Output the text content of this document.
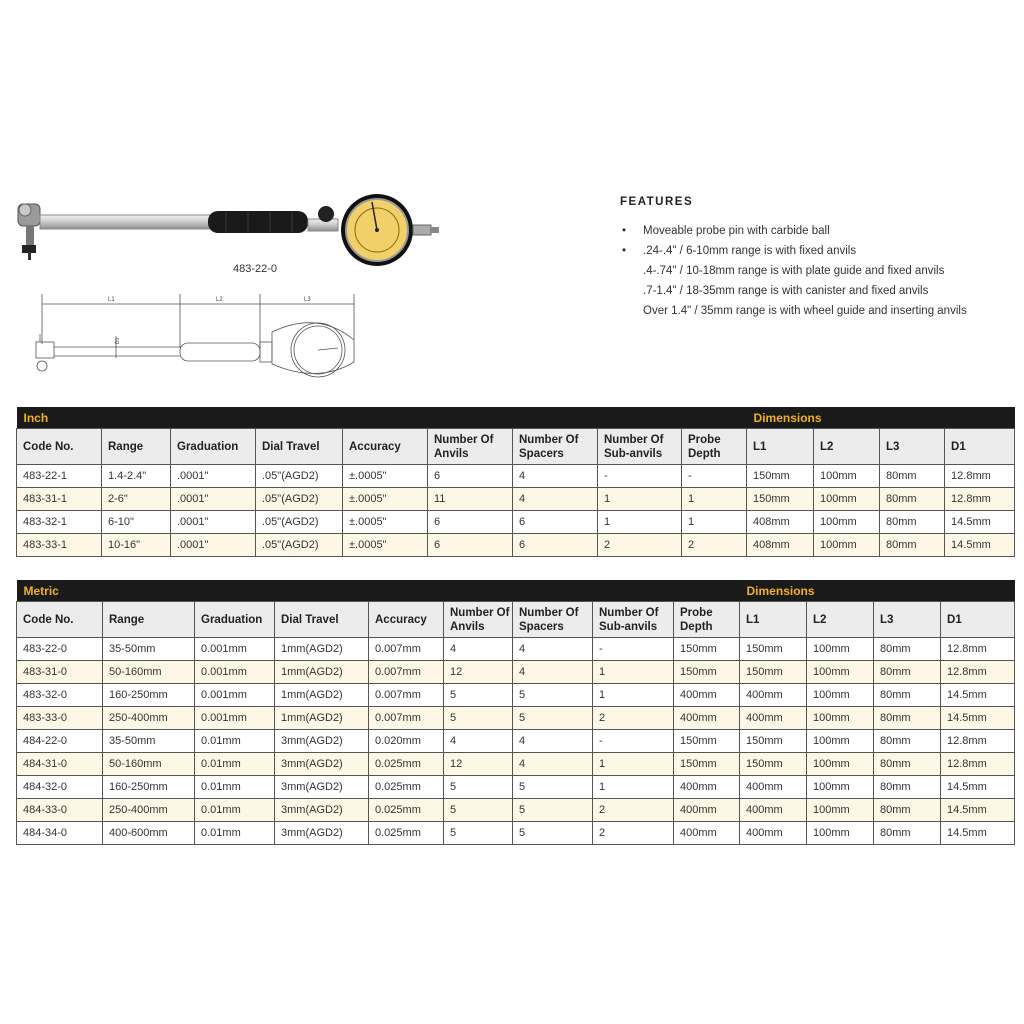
483-22-0
L1	L2	L3
D1
FEATURES
• Moveable probe pin with carbide ball
• .24-.4" / 6-10mm range is with fixed anvils
.4-.74" / 10-18mm range is with plate guide and fixed anvils
.7-1.4" / 18-35mm range is with canister and fixed anvils
Over 1.4" / 35mm range is with wheel guide and inserting anvils
Inch									Dimensions			
Code No.	Range	Graduation	Dial Travel	Accuracy	Number Of Anvils	Number Of Spacers	Number Of Sub-anvils	Probe Depth	L1	L2	L3	D1
483-22-1	1.4-2.4"	.0001"	.05"(AGD2)	±.0005"	6	4	-	-	150mm	100mm	80mm	12.8mm
483-31-1	2-6"	.0001"	.05"(AGD2)	±.0005"	11	4	1	1	150mm	100mm	80mm	12.8mm
483-32-1	6-10"	.0001"	.05"(AGD2)	±.0005"	6	6	1	1	408mm	100mm	80mm	14.5mm
483-33-1	10-16"	.0001"	.05"(AGD2)	±.0005"	6	6	2	2	408mm	100mm	80mm	14.5mm
Metric									Dimensions			
Code No.	Range	Graduation	Dial Travel	Accuracy	Number Of Anvils	Number Of Spacers	Number Of Sub-anvils	Probe Depth	L1	L2	L3	D1
483-22-0	35-50mm	0.001mm	1mm(AGD2)	0.007mm	4	4	-	150mm	150mm	100mm	80mm	12.8mm
483-31-0	50-160mm	0.001mm	1mm(AGD2)	0.007mm	12	4	1	150mm	150mm	100mm	80mm	12.8mm
483-32-0	160-250mm	0.001mm	1mm(AGD2)	0.007mm	5	5	1	400mm	400mm	100mm	80mm	14.5mm
483-33-0	250-400mm	0.001mm	1mm(AGD2)	0.007mm	5	5	2	400mm	400mm	100mm	80mm	14.5mm
484-22-0	35-50mm	0.01mm	3mm(AGD2)	0.020mm	4	4	-	150mm	150mm	100mm	80mm	12.8mm
484-31-0	50-160mm	0.01mm	3mm(AGD2)	0.025mm	12	4	1	150mm	150mm	100mm	80mm	12.8mm
484-32-0	160-250mm	0.01mm	3mm(AGD2)	0.025mm	5	5	1	400mm	400mm	100mm	80mm	14.5mm
484-33-0	250-400mm	0.01mm	3mm(AGD2)	0.025mm	5	5	2	400mm	400mm	100mm	80mm	14.5mm
484-34-0	400-600mm	0.01mm	3mm(AGD2)	0.025mm	5	5	2	400mm	400mm	100mm	80mm	14.5mm
